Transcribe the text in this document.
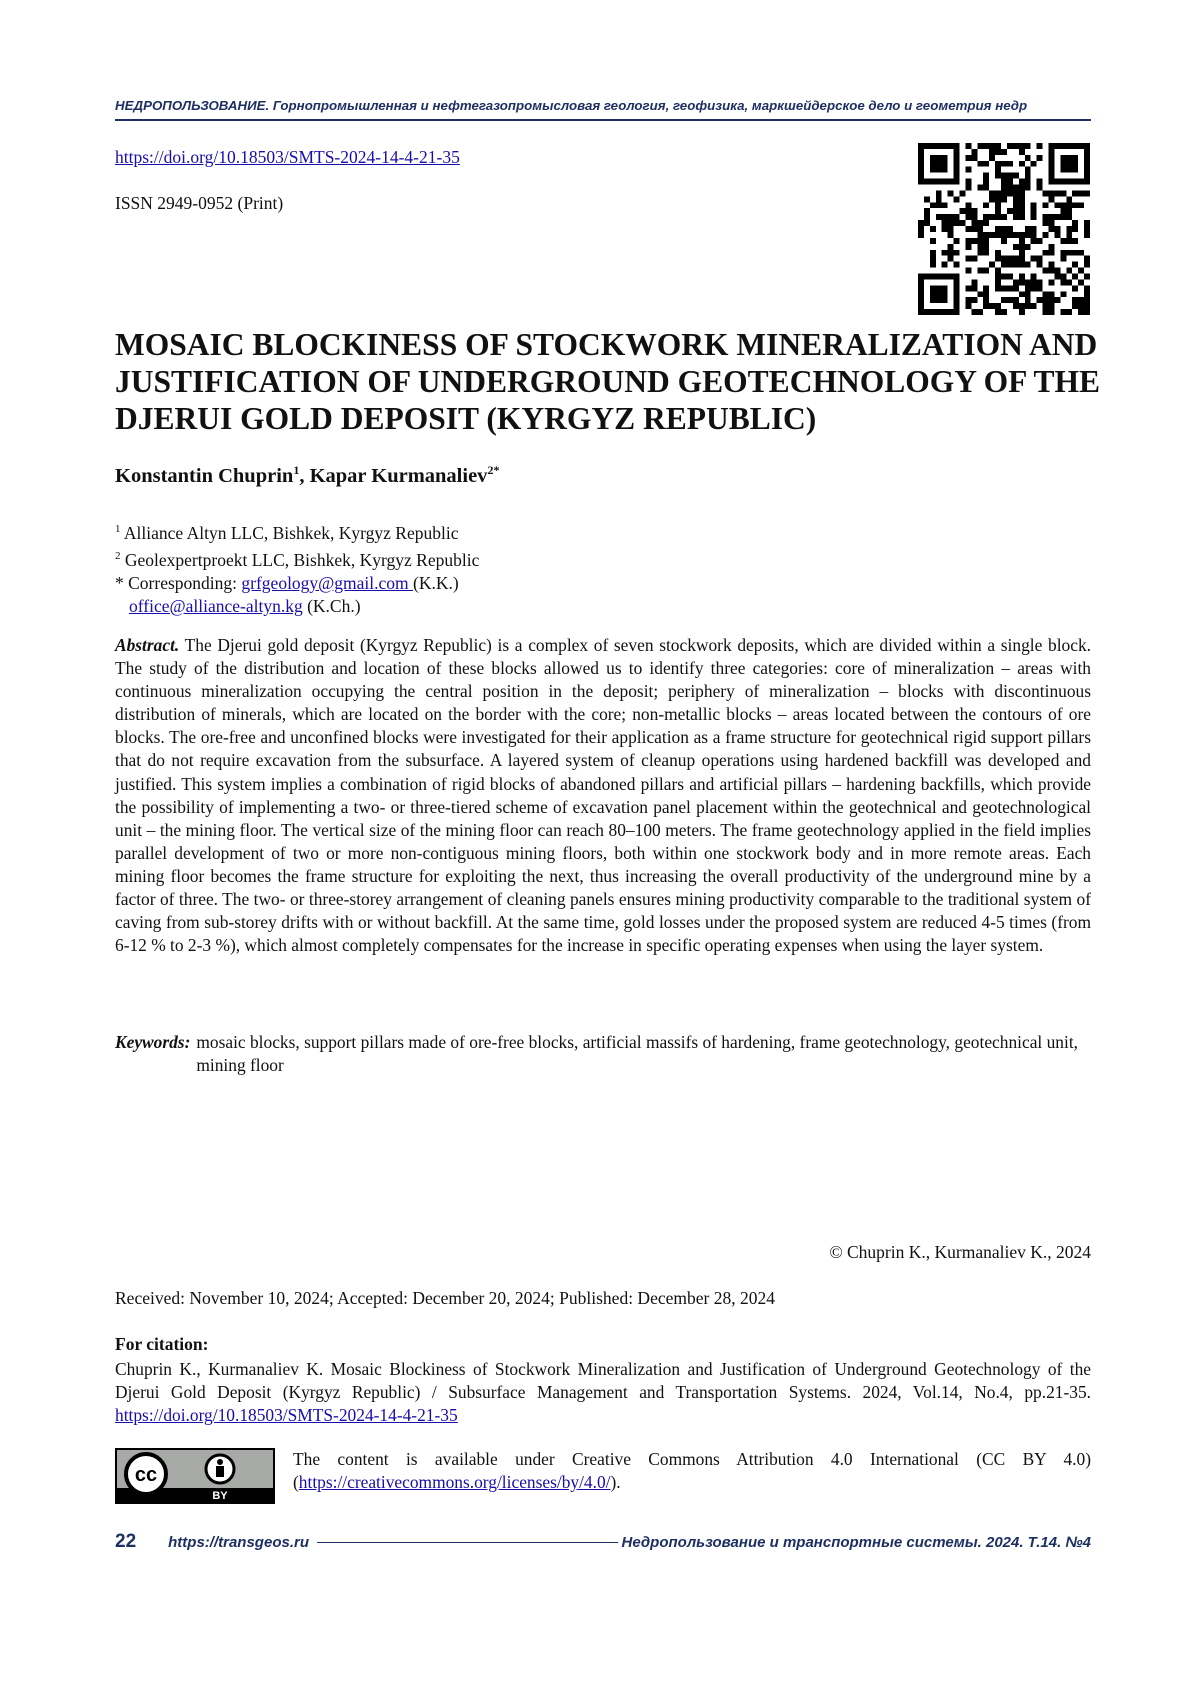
НЕДРОПОЛЬЗОВАНИЕ. Горнопромышленная и нефтегазопромысловая геология, геофизика, маркшейдерское дело и геометрия недр
https://doi.org/10.18503/SMTS-2024-14-4-21-35
ISSN 2949-0952 (Print)
MOSAIC BLOCKINESS OF STOCKWORK MINERALIZATION AND JUSTIFICATION OF UNDERGROUND GEOTECHNOLOGY OF THE DJERUI GOLD DEPOSIT (KYRGYZ REPUBLIC)
Konstantin Chuprin$^1$, Kapar Kurmanaliev$^{2*}$
$^1$ Alliance Altyn LLC, Bishkek, Kyrgyz Republic
$^2$ Geolexpertproekt LLC, Bishkek, Kyrgyz Republic
* Corresponding: grfgeology@gmail.com (K.K.)
office@alliance-altyn.kg (K.Ch.)
Abstract. The Djerui gold deposit (Kyrgyz Republic) is a complex of seven stockwork deposits, which are divided within a single block. The study of the distribution and location of these blocks allowed us to identify three categories: core of mineralization – areas with continuous mineralization occupying the central position in the deposit; periphery of mineralization – blocks with discontinuous distribution of minerals, which are located on the border with the core; non-metallic blocks – areas located between the contours of ore blocks. The ore-free and unconfined blocks were investigated for their application as a frame structure for geotechnical rigid support pillars that do not require excavation from the subsurface. A layered system of cleanup operations using hardened backfill was developed and justified. This system implies a combination of rigid blocks of abandoned pillars and artificial pillars – hardening backfills, which provide the possibility of implementing a two- or three-tiered scheme of excavation panel placement within the geotechnical and geotechnological unit – the mining floor. The vertical size of the mining floor can reach 80–100 meters. The frame geotechnology applied in the field implies parallel development of two or more non-contiguous mining floors, both within one stockwork body and in more remote areas. Each mining floor becomes the frame structure for exploiting the next, thus increasing the overall productivity of the underground mine by a factor of three. The two- or three-storey arrangement of cleaning panels ensures mining productivity comparable to the traditional system of caving from sub-storey drifts with or without backfill. At the same time, gold losses under the proposed system are reduced 4-5 times (from 6-12 % to 2-3 %), which almost completely compensates for the increase in specific operating expenses when using the layer system.
Keywords: mosaic blocks, support pillars made of ore-free blocks, artificial massifs of hardening, frame geotechnology, geotechnical unit, mining floor
© Chuprin K., Kurmanaliev K., 2024
Received: November 10, 2024; Accepted: December 20, 2024; Published: December 28, 2024
For citation:
Chuprin K., Kurmanaliev K. Mosaic Blockiness of Stockwork Mineralization and Justification of Underground Geotechnology of the Djerui Gold Deposit (Kyrgyz Republic) / Subsurface Management and Transportation Systems. 2024, Vol.14, No.4, pp.21-35. https://doi.org/10.18503/SMTS-2024-14-4-21-35
cc
BY
The content is available under Creative Commons Attribution 4.0 International (CC BY 4.0) (https://creativecommons.org/licenses/by/4.0/).
22 https://transgeos.ru	Недропользование и транспортные системы. 2024. Т.14. №4
